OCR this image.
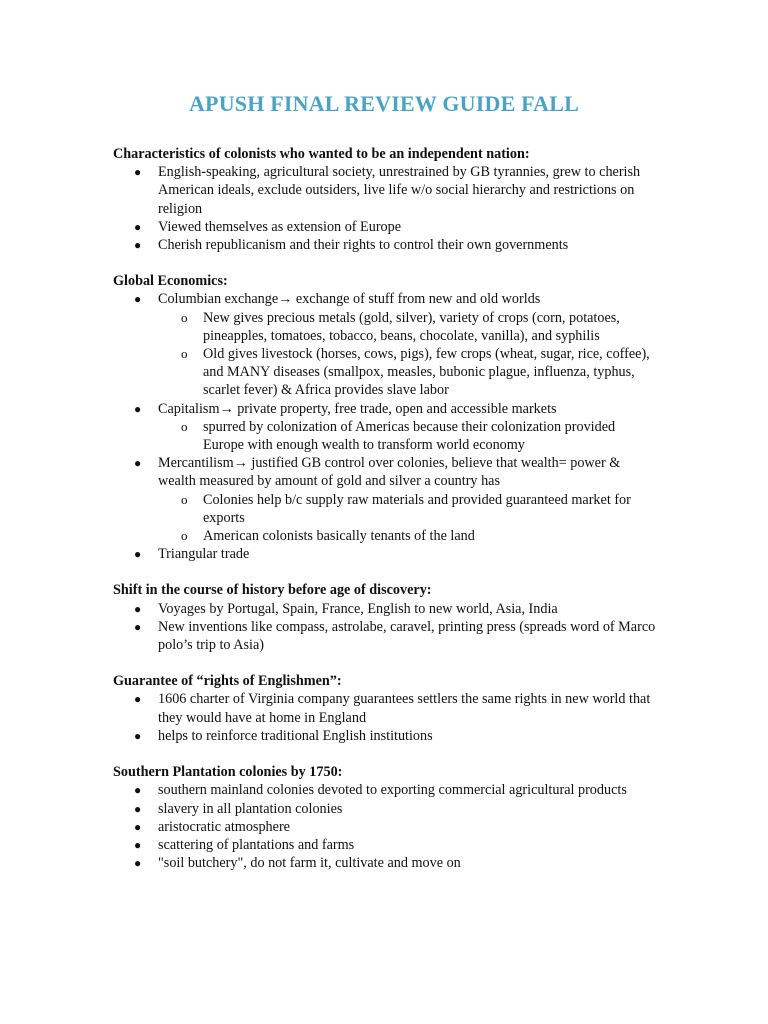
APUSH FINAL REVIEW GUIDE FALL
Characteristics of colonists who wanted to be an independent nation:
● English-speaking, agricultural society, unrestrained by GB tyrannies, grew to cherish American ideals, exclude outsiders, live life w/o social hierarchy and restrictions on religion
● Viewed themselves as extension of Europe
● Cherish republicanism and their rights to control their own governments
Global Economics:
● Columbian exchange→ exchange of stuff from new and old worlds
o New gives precious metals (gold, silver), variety of crops (corn, potatoes, pineapples, tomatoes, tobacco, beans, chocolate, vanilla), and syphilis
o Old gives livestock (horses, cows, pigs), few crops (wheat, sugar, rice, coffee), and MANY diseases (smallpox, measles, bubonic plague, influenza, typhus, scarlet fever) & Africa provides slave labor
● Capitalism→ private property, free trade, open and accessible markets
o spurred by colonization of Americas because their colonization provided Europe with enough wealth to transform world economy
● Mercantilism→ justified GB control over colonies, believe that wealth= power & wealth measured by amount of gold and silver a country has
o Colonies help b/c supply raw materials and provided guaranteed market for exports
o American colonists basically tenants of the land
● Triangular trade
Shift in the course of history before age of discovery:
● Voyages by Portugal, Spain, France, English to new world, Asia, India
● New inventions like compass, astrolabe, caravel, printing press (spreads word of Marco polo’s trip to Asia)
Guarantee of “rights of Englishmen”:
● 1606 charter of Virginia company guarantees settlers the same rights in new world that they would have at home in England
● helps to reinforce traditional English institutions
Southern Plantation colonies by 1750:
● southern mainland colonies devoted to exporting commercial agricultural products
● slavery in all plantation colonies
● aristocratic atmosphere
● scattering of plantations and farms
● "soil butchery", do not farm it, cultivate and move on
